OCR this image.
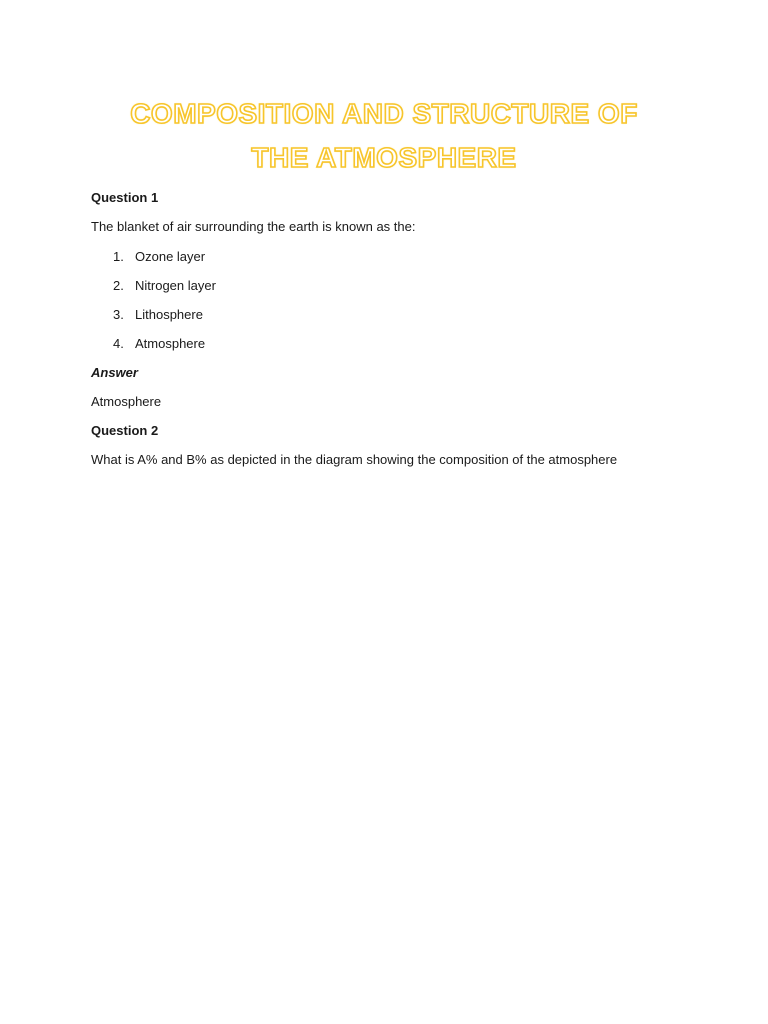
COMPOSITION AND STRUCTURE OF
THE ATMOSPHERE
Question 1
The blanket of air surrounding the earth is known as the:
1. Ozone layer
2. Nitrogen layer
3. Lithosphere
4. Atmosphere
Answer
Atmosphere
Question 2
What is A% and B% as depicted in the diagram showing the composition of the atmosphere
